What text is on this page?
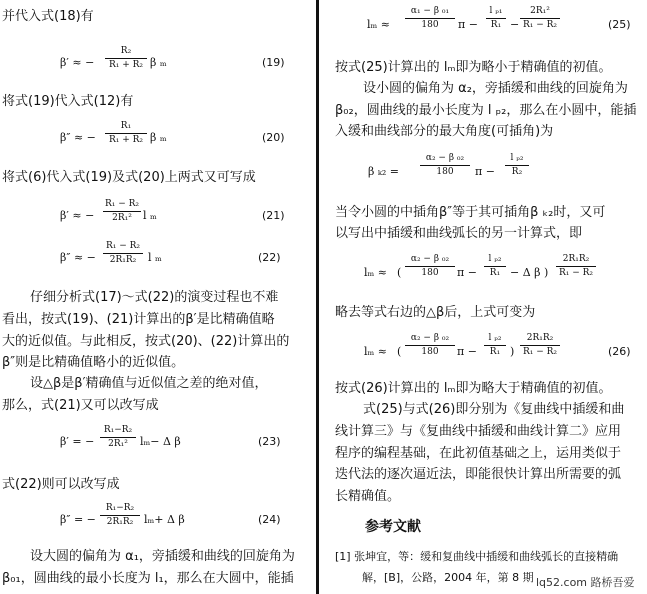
并代入式(18)有
β′ ≈ −
R₂
R₁ + R₂ β ₘ	(19)
将式(19)代入式(12)有
β″ ≈ −
R₁
R₁ + R₂ β ₘ	(20)
将式(6)代入式(19)及式(20)上两式又可写成
β′ ≈ −
R₁ − R₂
2R₁² l ₘ	(21)
β″ ≈ −
R₁ − R₂
2R₁R₂ l ₘ	(22)
仔细分析式(17)～式(22)的演变过程也不难
看出，按式(19)、(21)计算出的β′是比精确值略
大的近似值。与此相反，按式(20)、(22)计算出的
β″则是比精确值略小的近似值。
设△β是β′精确值与近似值之差的绝对值，
那么，式(21)又可以改写成
β′ = −
R₁−R₂
2R₁² lₘ− Δ β	(23)
式(22)则可以改写成
β″ = −
R₁−R₂
2R₁R₂ lₘ+ Δ β	(24)
设大圆的偏角为 α₁，旁插缓和曲线的回旋角为
β₀₁，圆曲线的最小长度为 l₁，那么在大圆中，能插
lₘ ≈
α₁ − β ₀₁
180 π −
l ₚ₁
R₁ −
2R₁²
R₁ − R₂	(25)
按式(25)计算出的 lₘ即为略小于精确值的初值。
设小圆的偏角为 α₂，旁插缓和曲线的回旋角为
β₀₂，圆曲线的最小长度为 l ₚ₂，那么在小圆中，能插
入缓和曲线部分的最大角度(可插角)为
β ₖ₂ =
α₂ − β ₀₂
180 π −
l ₚ₂
R₂
当令小圆的中插角β″等于其可插角β ₖ₂时，又可
以写出中插缓和曲线弧长的另一计算式，即
lₘ ≈ (
α₂ − β ₀₂
180 π −
l ₚ₂
R₁ − Δ β )
2R₁R₂
R₁ − R₂
略去等式右边的△β后，上式可变为
lₘ ≈ (
α₂ − β ₀₂
180 π −
l ₚ₂
R₁ )
2R₁R₂
R₁ − R₂	(26)
按式(26)计算出的 lₘ即为略大于精确值的初值。
式(25)与式(26)即分别为《复曲线中插缓和曲
线计算三》与《复曲线中插缓和曲线计算二》应用
程序的编程基础，在此初值基础之上，运用类似于
迭代法的逐次逼近法，即能很快计算出所需要的弧
长精确值。
参考文献
[1] 张坤宜，等：缓和复曲线中插缓和曲线弧长的直接精确
解，[B]，公路，2004 年，第 8 期 lq52.com 路桥吾爱
